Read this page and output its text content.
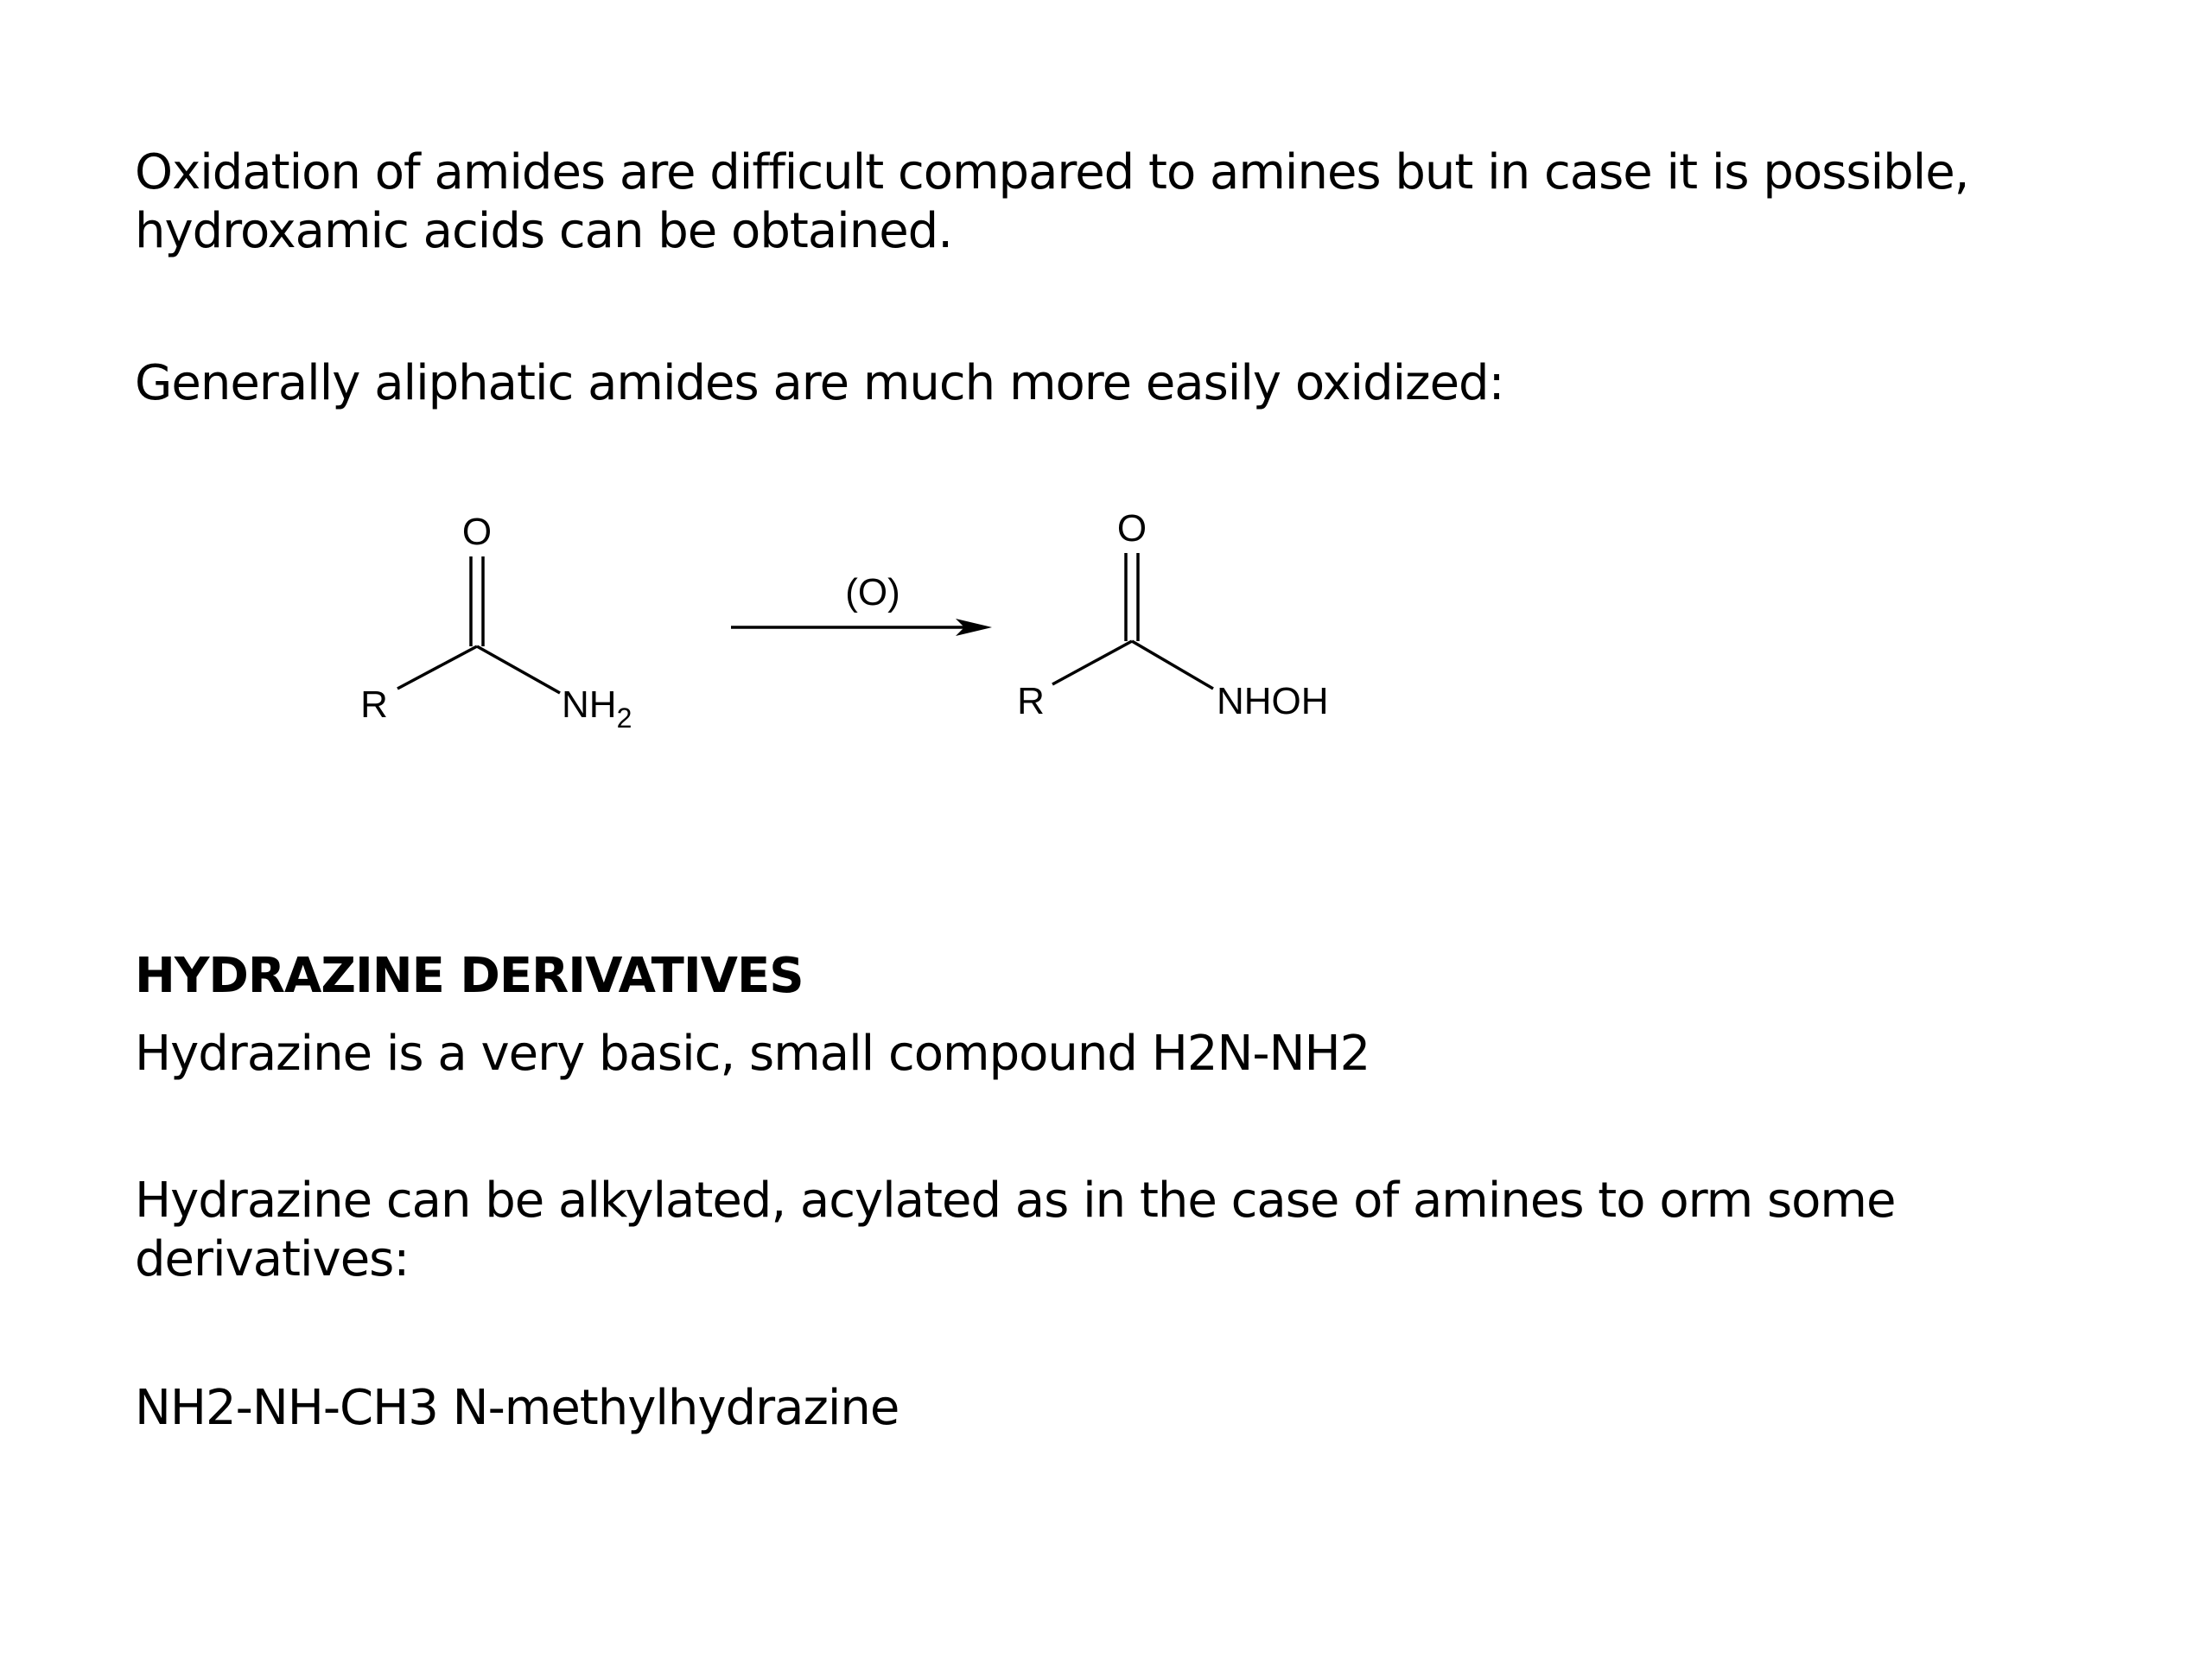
Oxidation of amides are difficult compared to amines but in case it is possible,
hydroxamic acids can be obtained.
Generally aliphatic amides are much more easily oxidized:
O
R	$NH_2$
(O)
O
R	NHOH
HYDRAZINE DERIVATIVES
Hydrazine is a very basic, small compound H2N-NH2
Hydrazine can be alkylated, acylated as in the case of amines to orm some
derivatives:
NH2-NH-CH3 N-methylhydrazine
